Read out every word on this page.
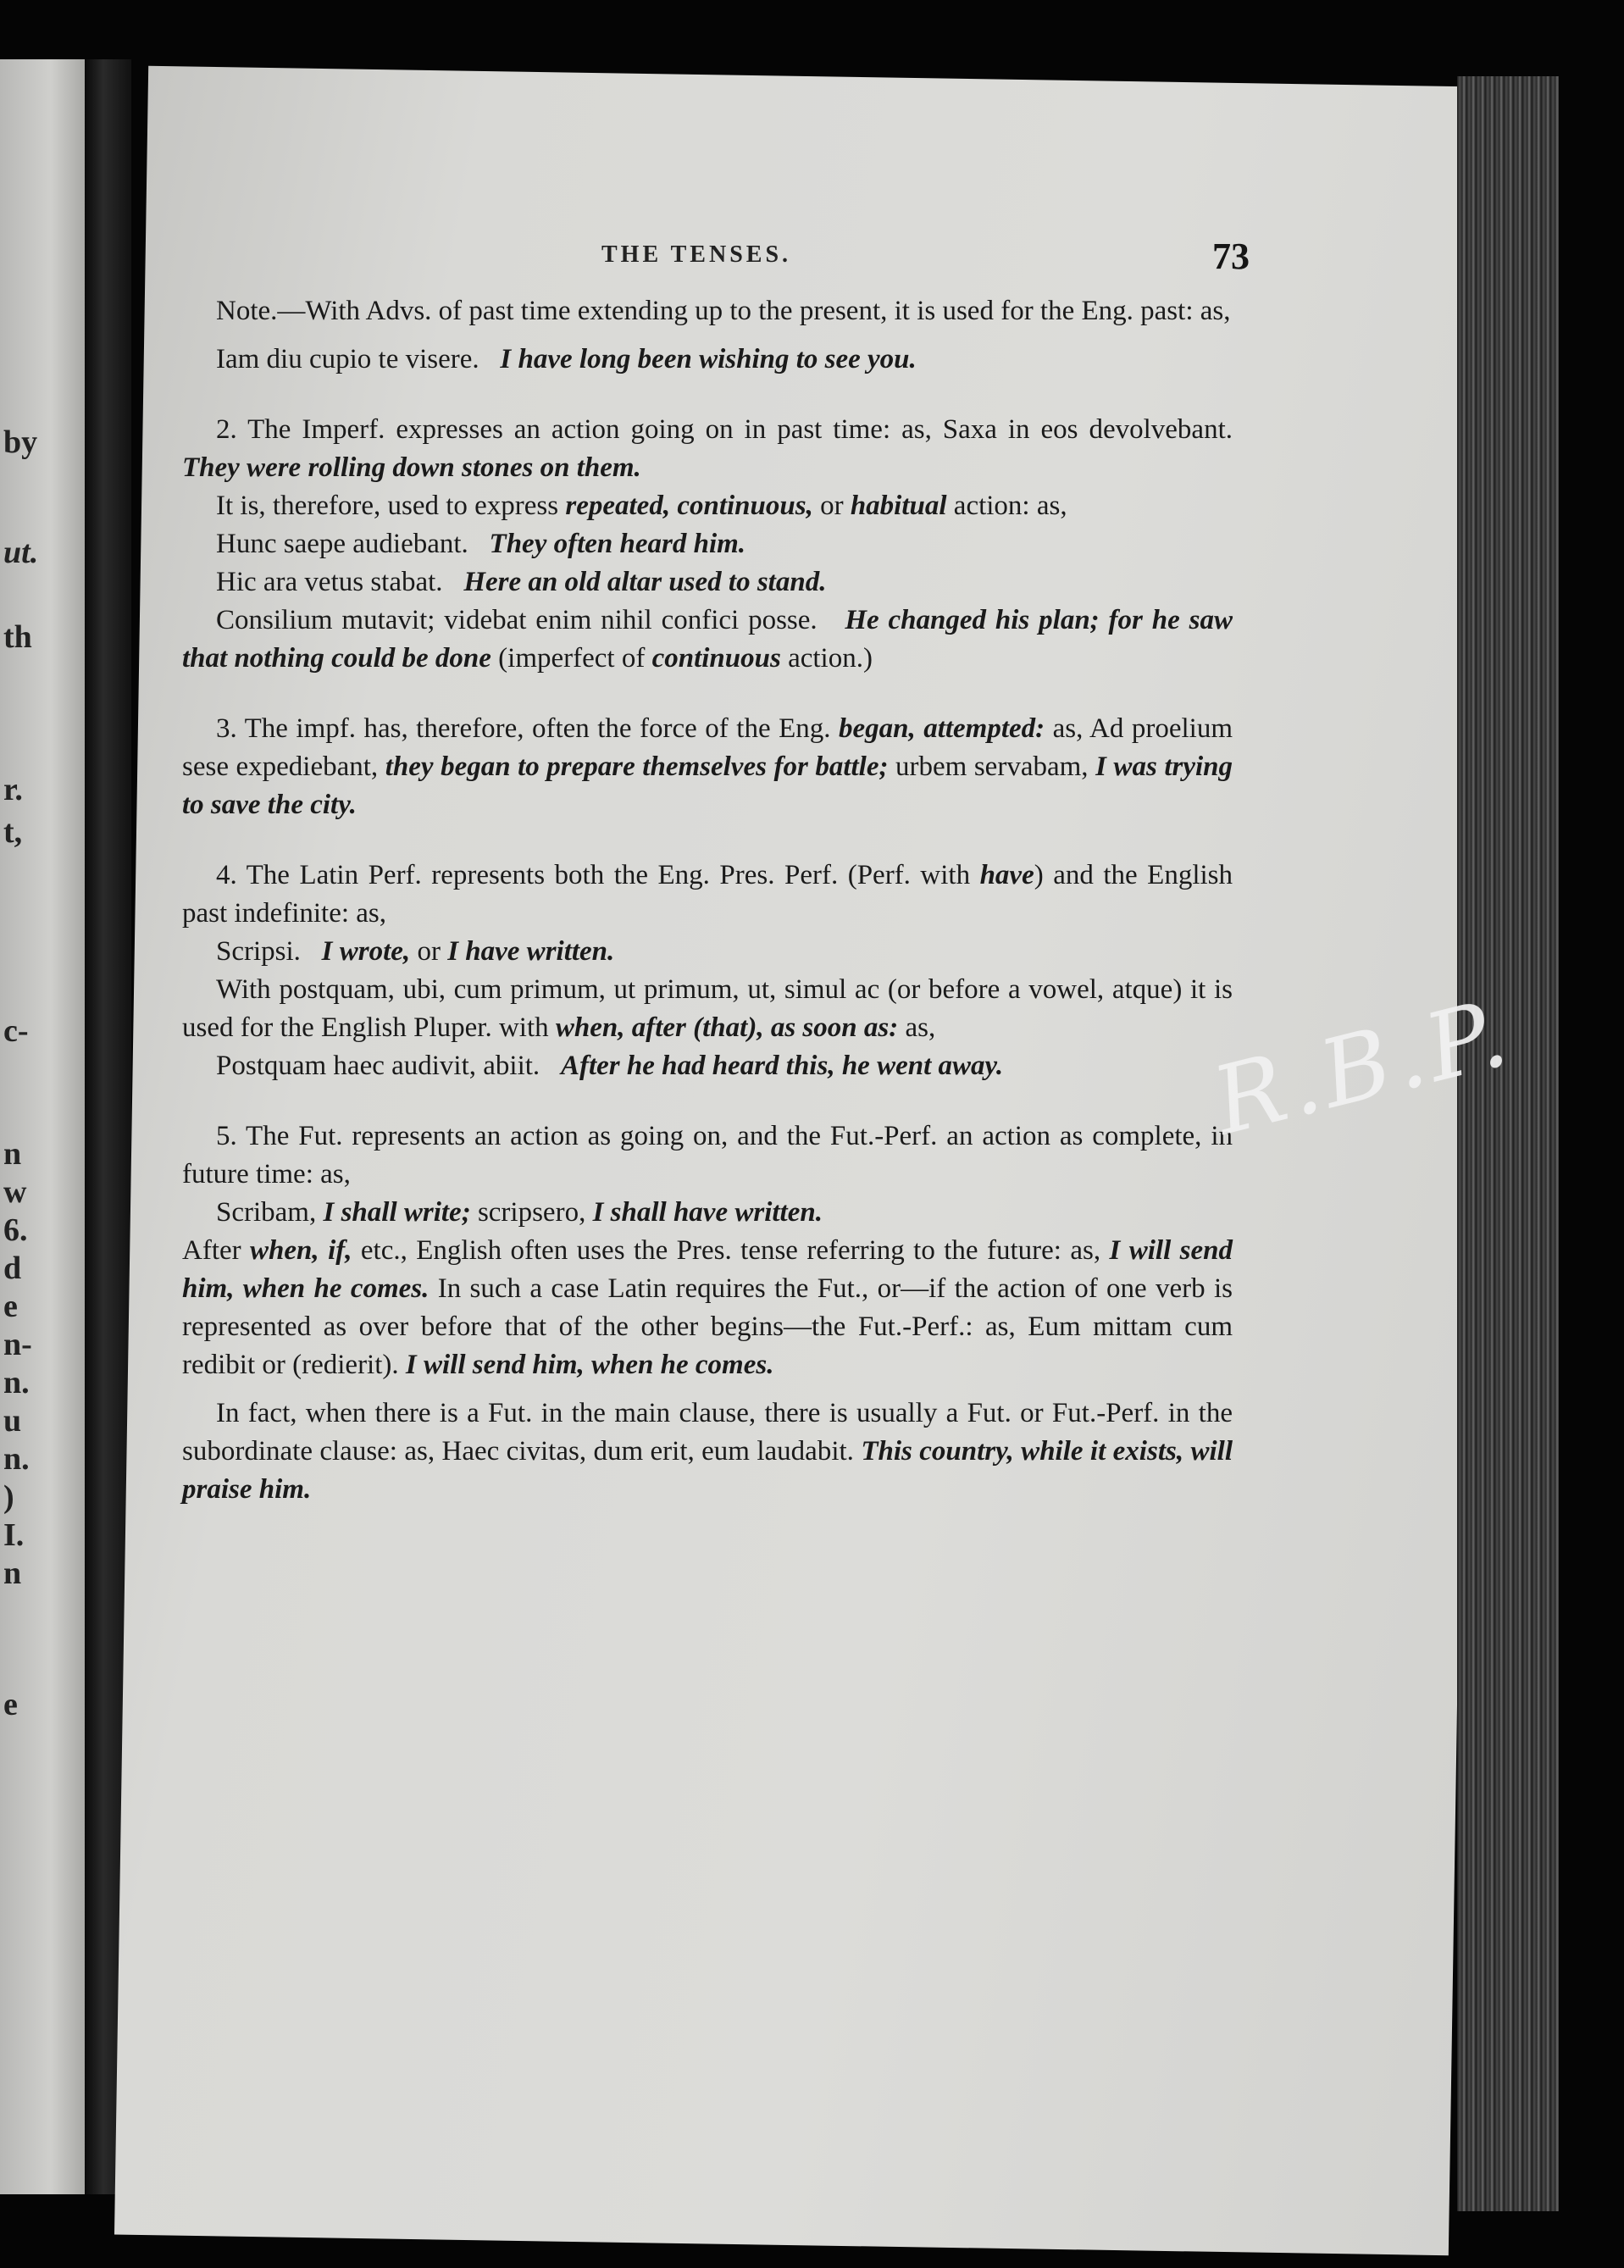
by
ut.
th
r.
t,
c-
n
w
6.
d
e
n-
n.
u
n.
)
I.
n
e
THE TENSES.	73

Note.—With Advs. of past time extending up to the present, it is used for the Eng. past: as,

Iam diu cupio te visere. I have long been wishing to see you.

2. The Imperf. expresses an action going on in past time: as, Saxa in eos devolvebant. They were rolling down stones on them.

It is, therefore, used to express repeated, continuous, or habitual action: as,

Hunc saepe audiebant. They often heard him.

Hic ara vetus stabat. Here an old altar used to stand.

Consilium mutavit; videbat enim nihil confici posse. He changed his plan; for he saw that nothing could be done (imperfect of continuous action.)

3. The impf. has, therefore, often the force of the Eng. began, attempted: as, Ad proelium sese expediebant, they began to prepare themselves for battle; urbem servabam, I was trying to save the city.

4. The Latin Perf. represents both the Eng. Pres. Perf. (Perf. with have) and the English past indefinite: as,

Scripsi. I wrote, or I have written.

With postquam, ubi, cum primum, ut primum, ut, simul ac (or before a vowel, atque) it is used for the English Pluper. with when, after (that), as soon as: as,

Postquam haec audivit, abiit. After he had heard this, he went away.

5. The Fut. represents an action as going on, and the Fut.-Perf. an action as complete, in future time: as,

Scribam, I shall write; scripsero, I shall have written.

After when, if, etc., English often uses the Pres. tense referring to the future: as, I will send him, when he comes. In such a case Latin requires the Fut., or—if the action of one verb is represented as over before that of the other begins—the Fut.-Perf.: as, Eum mittam cum redibit or (redierit). I will send him, when he comes.

In fact, when there is a Fut. in the main clause, there is usually a Fut. or Fut.-Perf. in the subordinate clause: as, Haec civitas, dum erit, eum laudabit. This country, while it exists, will praise him.

R.B.P.
